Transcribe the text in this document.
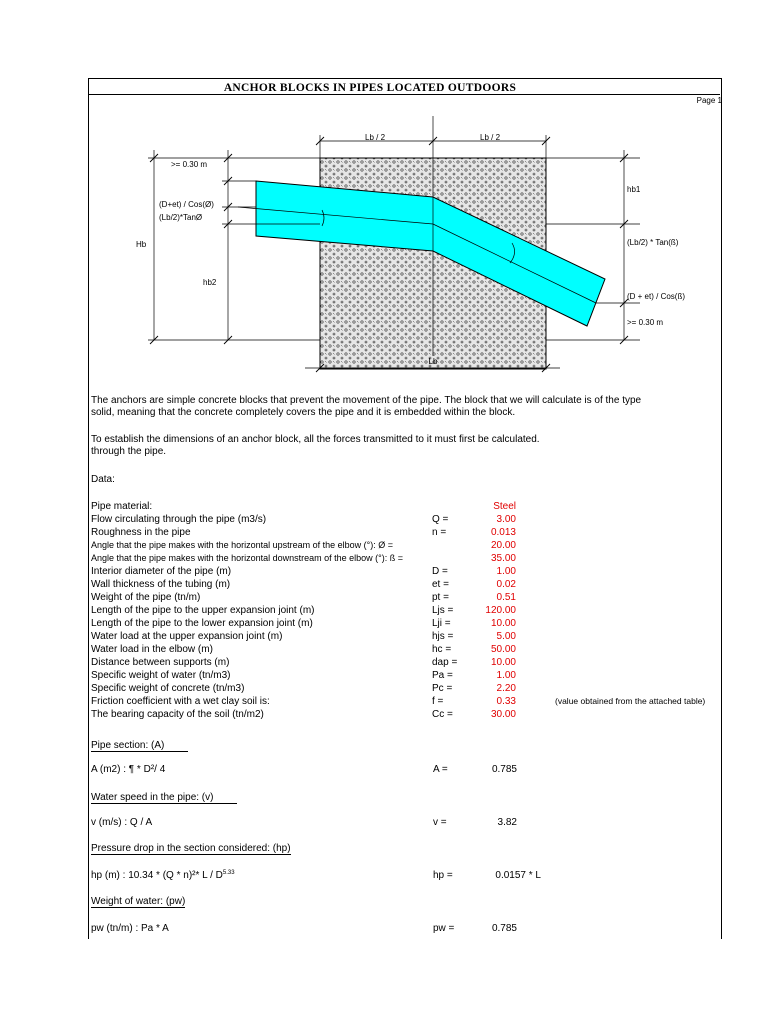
ANCHOR BLOCKS IN PIPES LOCATED OUTDOORS
Page 1
Lb / 2	Lb / 2
>= 0.30 m
(D+et) / Cos(Ø)
(Lb/2)*TanØ
Hb
hb2
hb1
(Lb/2) * Tan(ß)
(D + et) / Cos(ß)
>= 0.30 m
Lb
The anchors are simple concrete blocks that prevent the movement of the pipe. The block that we will calculate is of the type
solid, meaning that the concrete completely covers the pipe and it is embedded within the block.
To establish the dimensions of an anchor block, all the forces transmitted to it must first be calculated.
through the pipe.
Data:
Pipe material:	Steel
Flow circulating through the pipe (m3/s)	Q =	3.00
Roughness in the pipe	n =	0.013
Angle that the pipe makes with the horizontal upstream of the elbow (°): Ø =	20.00
Angle that the pipe makes with the horizontal downstream of the elbow (°): ß =	35.00
Interior diameter of the pipe (m)	D =	1.00
Wall thickness of the tubing (m)	et =	0.02
Weight of the pipe (tn/m)	pt =	0.51
Length of the pipe to the upper expansion joint (m)	Ljs =	120.00
Length of the pipe to the lower expansion joint (m)	Lji =	10.00
Water load at the upper expansion joint (m)	hjs =	5.00
Water load in the elbow (m)	hc =	50.00
Distance between supports (m)	dap =	10.00
Specific weight of water (tn/m3)	Pa =	1.00
Specific weight of concrete (tn/m3)	Pc =	2.20
Friction coefficient with a wet clay soil is:	f =	0.33	(value obtained from the attached table)
The bearing capacity of the soil (tn/m2)	Cc =	30.00
Pipe section: (A)
A (m2) : ¶ * D²/ 4	A =	0.785
Water speed in the pipe: (v)
v (m/s) : Q / A	v =	3.82
Pressure drop in the section considered: (hp)
hp (m) : 10.34 * (Q * n)²* L / $D^{5.33}$	hp =	0.0157 * L
Weight of water: (pw)
pw (tn/m) : Pa * A	pw =	0.785
